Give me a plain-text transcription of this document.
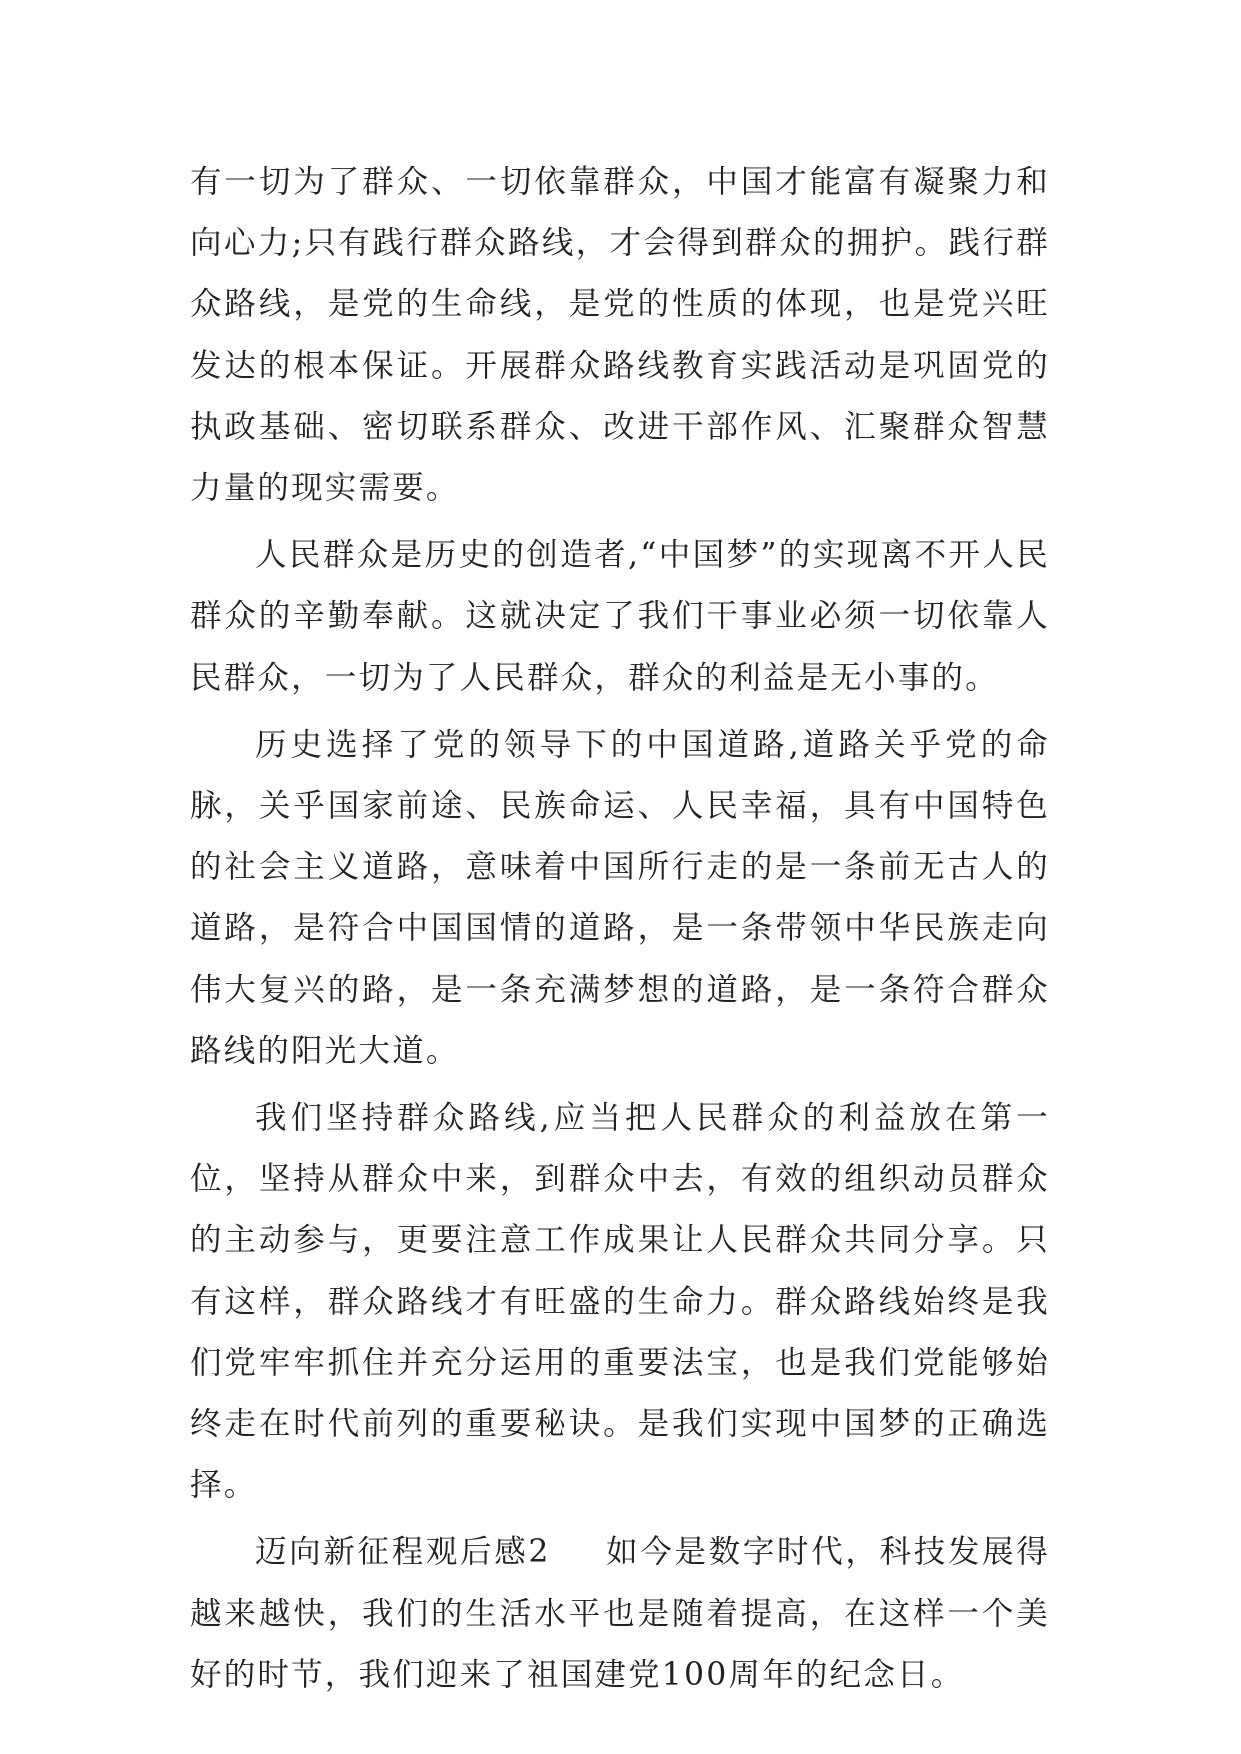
有一切为了群众、一切依靠群众，中国才能富有凝聚力和向心力;只有践行群众路线，才会得到群众的拥护。践行群众路线，是党的生命线，是党的性质的体现，也是党兴旺发达的根本保证。开展群众路线教育实践活动是巩固党的执政基础、密切联系群众、改进干部作风、汇聚群众智慧力量的现实需要。

人民群众是历史的创造者,“中国梦”的实现离不开人民群众的辛勤奉献。这就决定了我们干事业必须一切依靠人民群众，一切为了人民群众，群众的利益是无小事的。

历史选择了党的领导下的中国道路,道路关乎党的命脉，关乎国家前途、民族命运、人民幸福，具有中国特色的社会主义道路，意味着中国所行走的是一条前无古人的道路，是符合中国国情的道路，是一条带领中华民族走向伟大复兴的路，是一条充满梦想的道路，是一条符合群众路线的阳光大道。

我们坚持群众路线,应当把人民群众的利益放在第一位，坚持从群众中来，到群众中去，有效的组织动员群众的主动参与，更要注意工作成果让人民群众共同分享。只有这样，群众路线才有旺盛的生命力。群众路线始终是我们党牢牢抓住并充分运用的重要法宝，也是我们党能够始终走在时代前列的重要秘诀。是我们实现中国梦的正确选择。

迈向新征程观后感2 如今是数字时代，科技发展得越来越快，我们的生活水平也是随着提高，在这样一个美好的时节，我们迎来了祖国建党100周年的纪念日。
